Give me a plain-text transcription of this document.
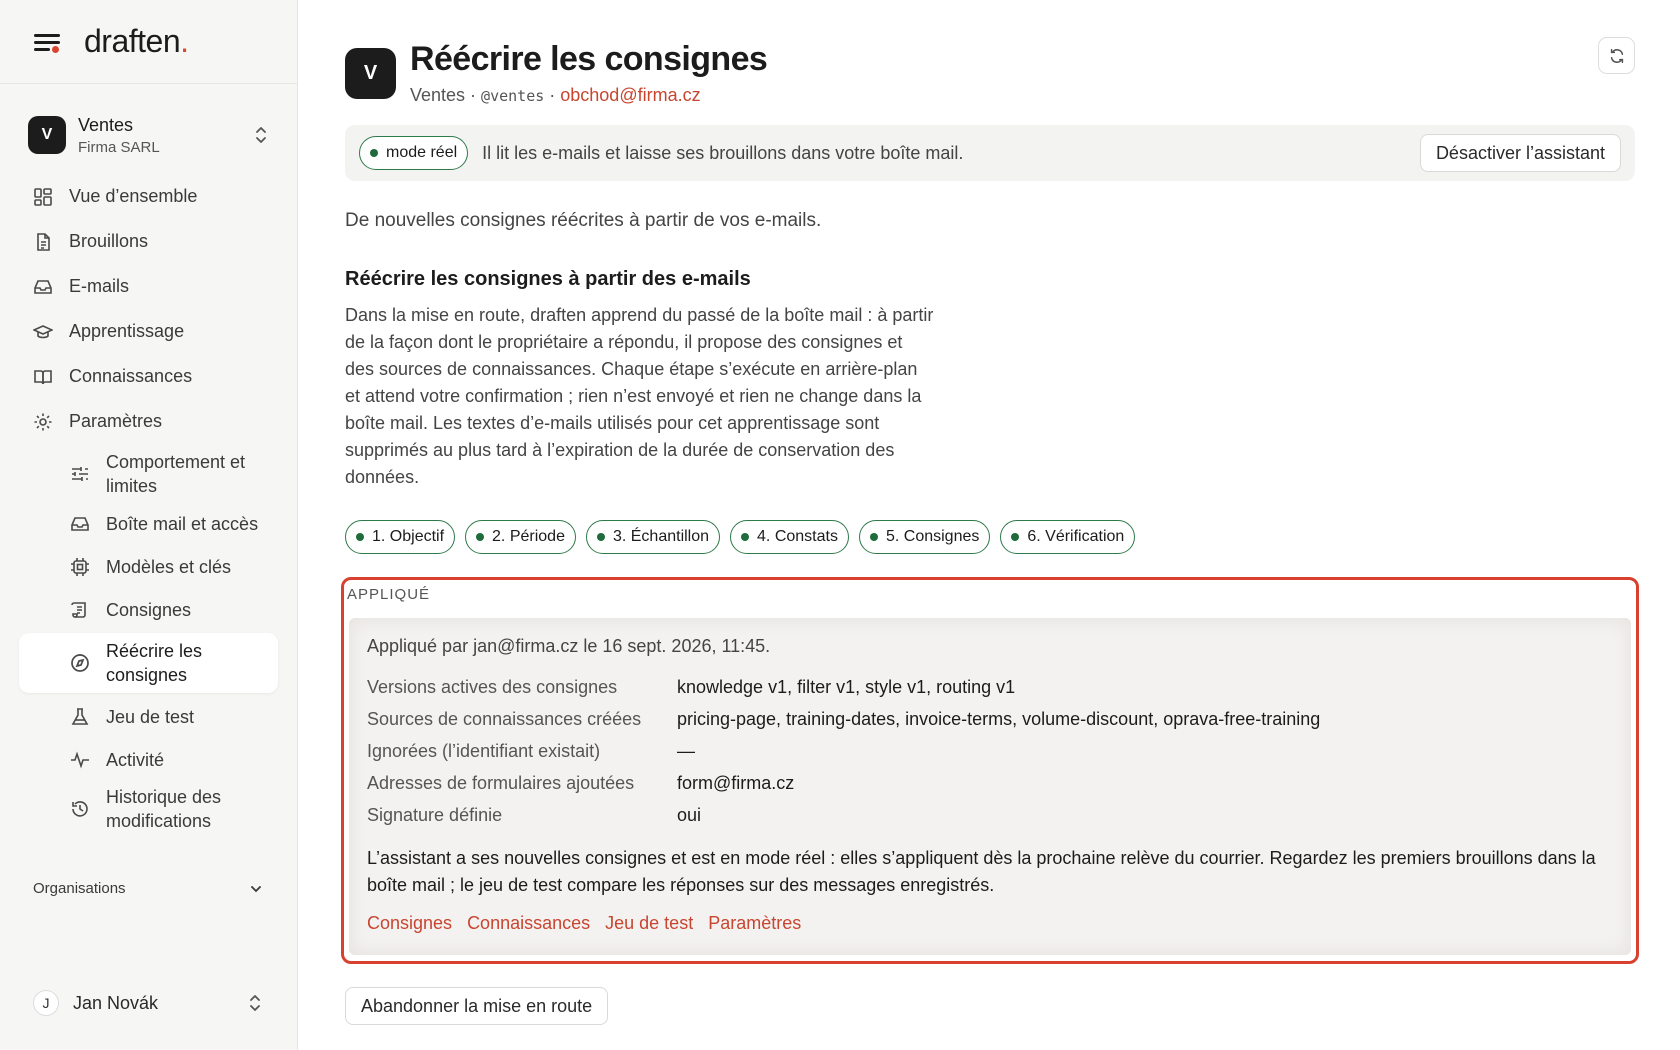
draften.
V	Ventes
Firma SARL
Vue d’ensemble
Brouillons
E-mails
Apprentissage
Connaissances
Paramètres
Comportement et limites
Boîte mail et accès
Modèles et clés
Consignes
Réécrire les consignes
Jeu de test
Activité
Historique des modifications
Organisations
J	Jan Novák
V Réécrire les consignes
Ventes · @ventes · obchod@firma.cz
mode réel Il lit les e-mails et laisse ses brouillons dans votre boîte mail.	Désactiver l’assistant

De nouvelles consignes réécrites à partir de vos e-mails.

Réécrire les consignes à partir des e-mails

Dans la mise en route, draften apprend du passé de la boîte mail : à partir de la façon dont le propriétaire a répondu, il propose des consignes et des sources de connaissances. Chaque étape s’exécute en arrière-plan et attend votre confirmation ; rien n’est envoyé et rien ne change dans la boîte mail. Les textes d’e-mails utilisés pour cet apprentissage sont supprimés au plus tard à l’expiration de la durée de conservation des données.

1. Objectif	2. Période	3. Échantillon	4. Constats	5. Consignes	6. Vérification
APPLIQUÉ
Appliqué par jan@firma.cz le 16 sept. 2026, 11:45.
Versions actives des consignes	knowledge v1, filter v1, style v1, routing v1
Sources de connaissances créées	pricing-page, training-dates, invoice-terms, volume-discount, oprava-free-training
Ignorées (l’identifiant existait)	—
Adresses de formulaires ajoutées	form@firma.cz
Signature définie	oui

L’assistant a ses nouvelles consignes et est en mode réel : elles s’appliquent dès la prochaine relève du courrier. Regardez les premiers brouillons dans la boîte mail ; le jeu de test compare les réponses sur des messages enregistrés.

Consignes Connaissances Jeu de test Paramètres
Abandonner la mise en route
